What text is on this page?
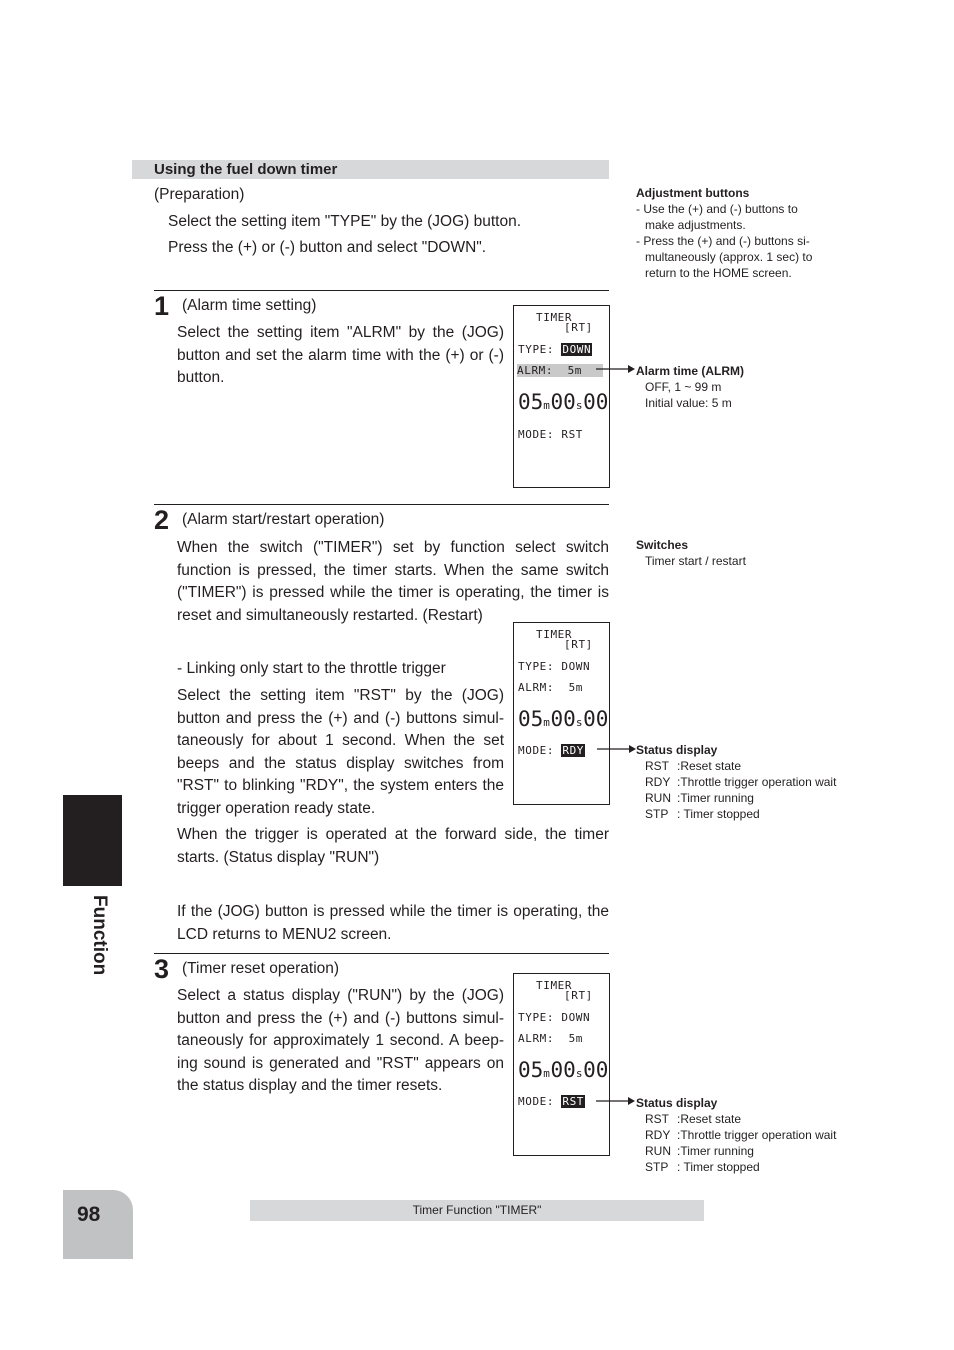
Using the fuel down timer
(Preparation)
Select the setting item "TYPE" by the (JOG) button.
Press the (+) or (-) button and select "DOWN".
1 (Alarm time setting)
Select the setting item "ALRM" by the (JOG) button and set the alarm time with the (+) or (-) button.
TIMER
[RT]
TYPE: DOWN
ALRM: 5m
05m00s00
MODE: RST
2 (Alarm start/restart operation)
When the switch ("TIMER") set by function select switch function is pressed, the timer starts. When the same switch ("TIMER") is pressed while the timer is operating, the timer is reset and simultaneously restarted. (Restart)
- Linking only start to the throttle trigger
Select the setting item "RST" by the (JOG) button and press the (+) and (-) buttons simul- taneously for about 1 second. When the set beeps and the status display switches from "RST" to blinking "RDY", the system enters the trigger operation ready state.
When the trigger is operated at the forward side, the timer starts. (Status display "RUN")
If the (JOG) button is pressed while the timer is operating, the LCD returns to MENU2 screen.
TIMER
[RT]
TYPE: DOWN
ALRM: 5m
05m00s00
MODE: RDY
3 (Timer reset operation)
Select a status display ("RUN") by the (JOG) button and press the (+) and (-) buttons simul- taneously for approximately 1 second. A beep- ing sound is generated and "RST" appears on the status display and the timer resets.
TIMER
[RT]
TYPE: DOWN
ALRM: 5m
05m00s00
MODE: RST
Adjustment buttons
- Use the (+) and (-) buttons to
make adjustments.
- Press the (+) and (-) buttons si-
multaneously (approx. 1 sec) to
return to the HOME screen.
Alarm time (ALRM)
OFF, 1 ~ 99 m
Initial value: 5 m
Switches
Timer start / restart
Status display
RST :Reset state
RDY :Throttle trigger operation wait
RUN :Timer running
STP : Timer stopped
Status display
RST :Reset state
RDY :Throttle trigger operation wait
RUN :Timer running
STP : Timer stopped
Function
98	Timer Function "TIMER"
